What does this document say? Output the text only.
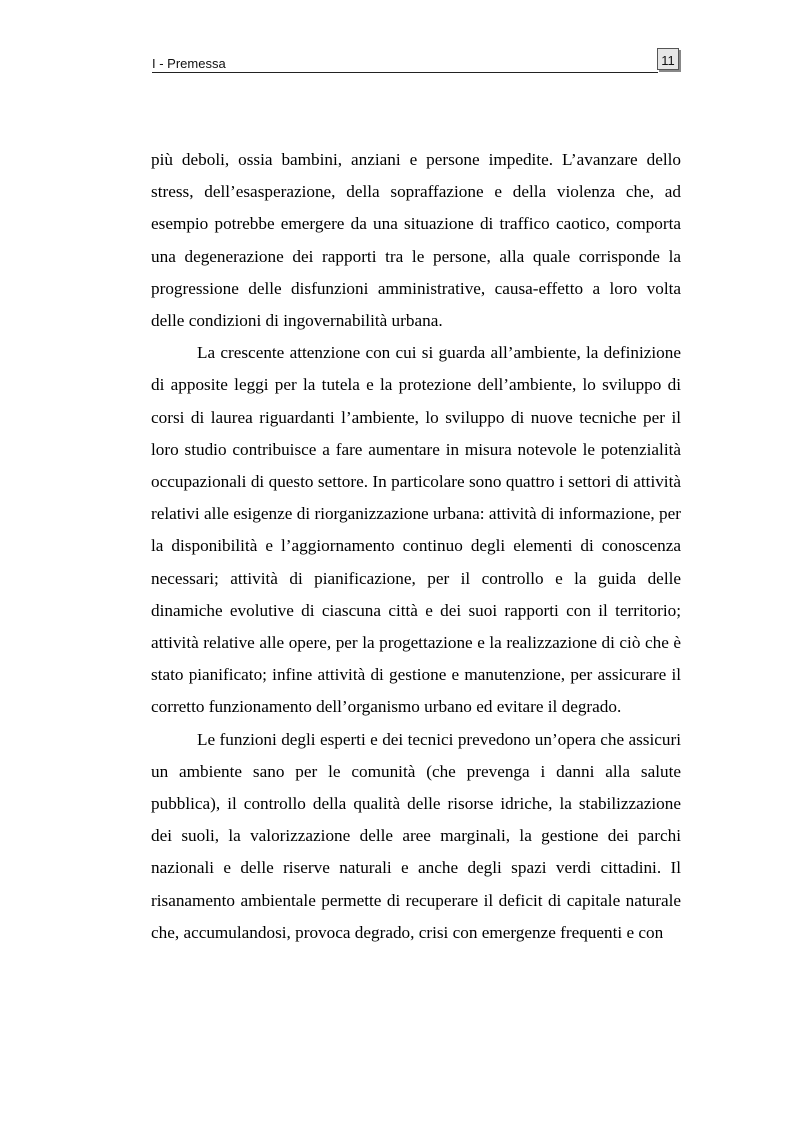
I - Premessa	11

più deboli, ossia bambini, anziani e persone impedite. L’avanzare dello stress, dell’esasperazione, della sopraffazione e della violenza che, ad esempio potrebbe emergere da una situazione di traffico caotico, comporta una degenerazione dei rapporti tra le persone, alla quale corrisponde la progressione delle disfunzioni amministrative, causa-effetto a loro volta delle condizioni di ingovernabilità urbana.

La crescente attenzione con cui si guarda all’ambiente, la definizione di apposite leggi per la tutela e la protezione dell’ambiente, lo sviluppo di corsi di laurea riguardanti l’ambiente, lo sviluppo di nuove tecniche per il loro studio contribuisce a fare aumentare in misura notevole le potenzialità occupazionali di questo settore. In particolare sono quattro i settori di attività relativi alle esigenze di riorganizzazione urbana: attività di informazione, per la disponibilità e l’aggiornamento continuo degli elementi di conoscenza necessari; attività di pianificazione, per il controllo e la guida delle dinamiche evolutive di ciascuna città e dei suoi rapporti con il territorio; attività relative alle opere, per la progettazione e la realizzazione di ciò che è stato pianificato; infine attività di gestione e manutenzione, per assicurare il corretto funzionamento dell’organismo urbano ed evitare il degrado.

Le funzioni degli esperti e dei tecnici prevedono un’opera che assicuri un ambiente sano per le comunità (che prevenga i danni alla salute pubblica), il controllo della qualità delle risorse idriche, la stabilizzazione dei suoli, la valorizzazione delle aree marginali, la gestione dei parchi nazionali e delle riserve naturali e anche degli spazi verdi cittadini. Il risanamento ambientale permette di recuperare il deficit di capitale naturale che, accumulandosi, provoca degrado, crisi con emergenze frequenti e con
